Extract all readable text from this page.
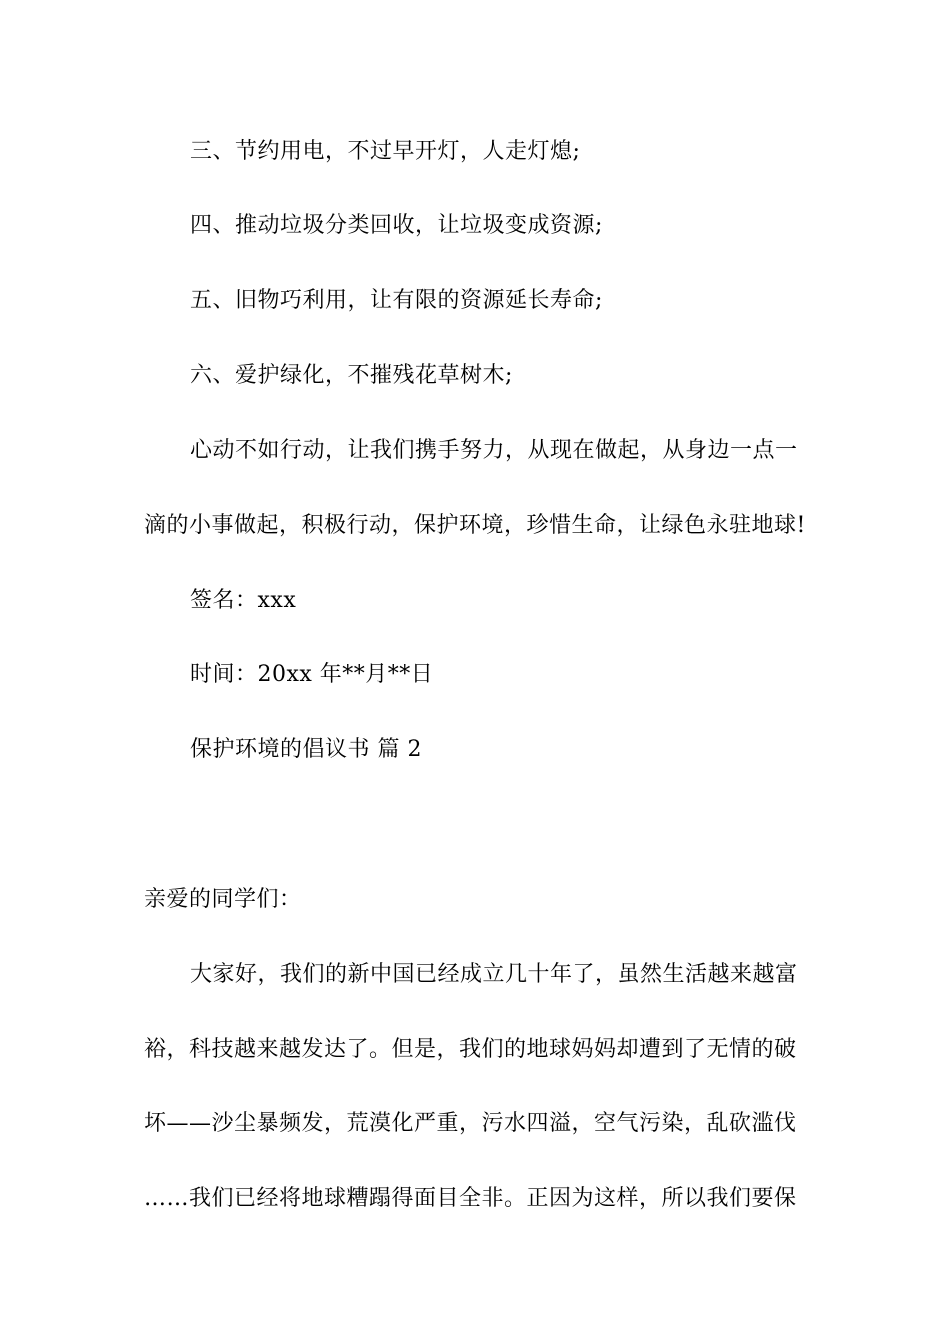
三、节约用电，不过早开灯，人走灯熄;
四、推动垃圾分类回收，让垃圾变成资源;
五、旧物巧利用，让有限的资源延长寿命;
六、爱护绿化，不摧残花草树木;
心动不如行动，让我们携手努力，从现在做起，从身边一点一
滴的小事做起，积极行动，保护环境，珍惜生命，让绿色永驻地球!
签名：xxx
时间：20xx 年**月**日
保护环境的倡议书 篇 2
亲爱的同学们：
大家好，我们的新中国已经成立几十年了，虽然生活越来越富
裕，科技越来越发达了。但是，我们的地球妈妈却遭到了无情的破
坏——沙尘暴频发，荒漠化严重，污水四溢，空气污染，乱砍滥伐
……我们已经将地球糟蹋得面目全非。正因为这样，所以我们要保
